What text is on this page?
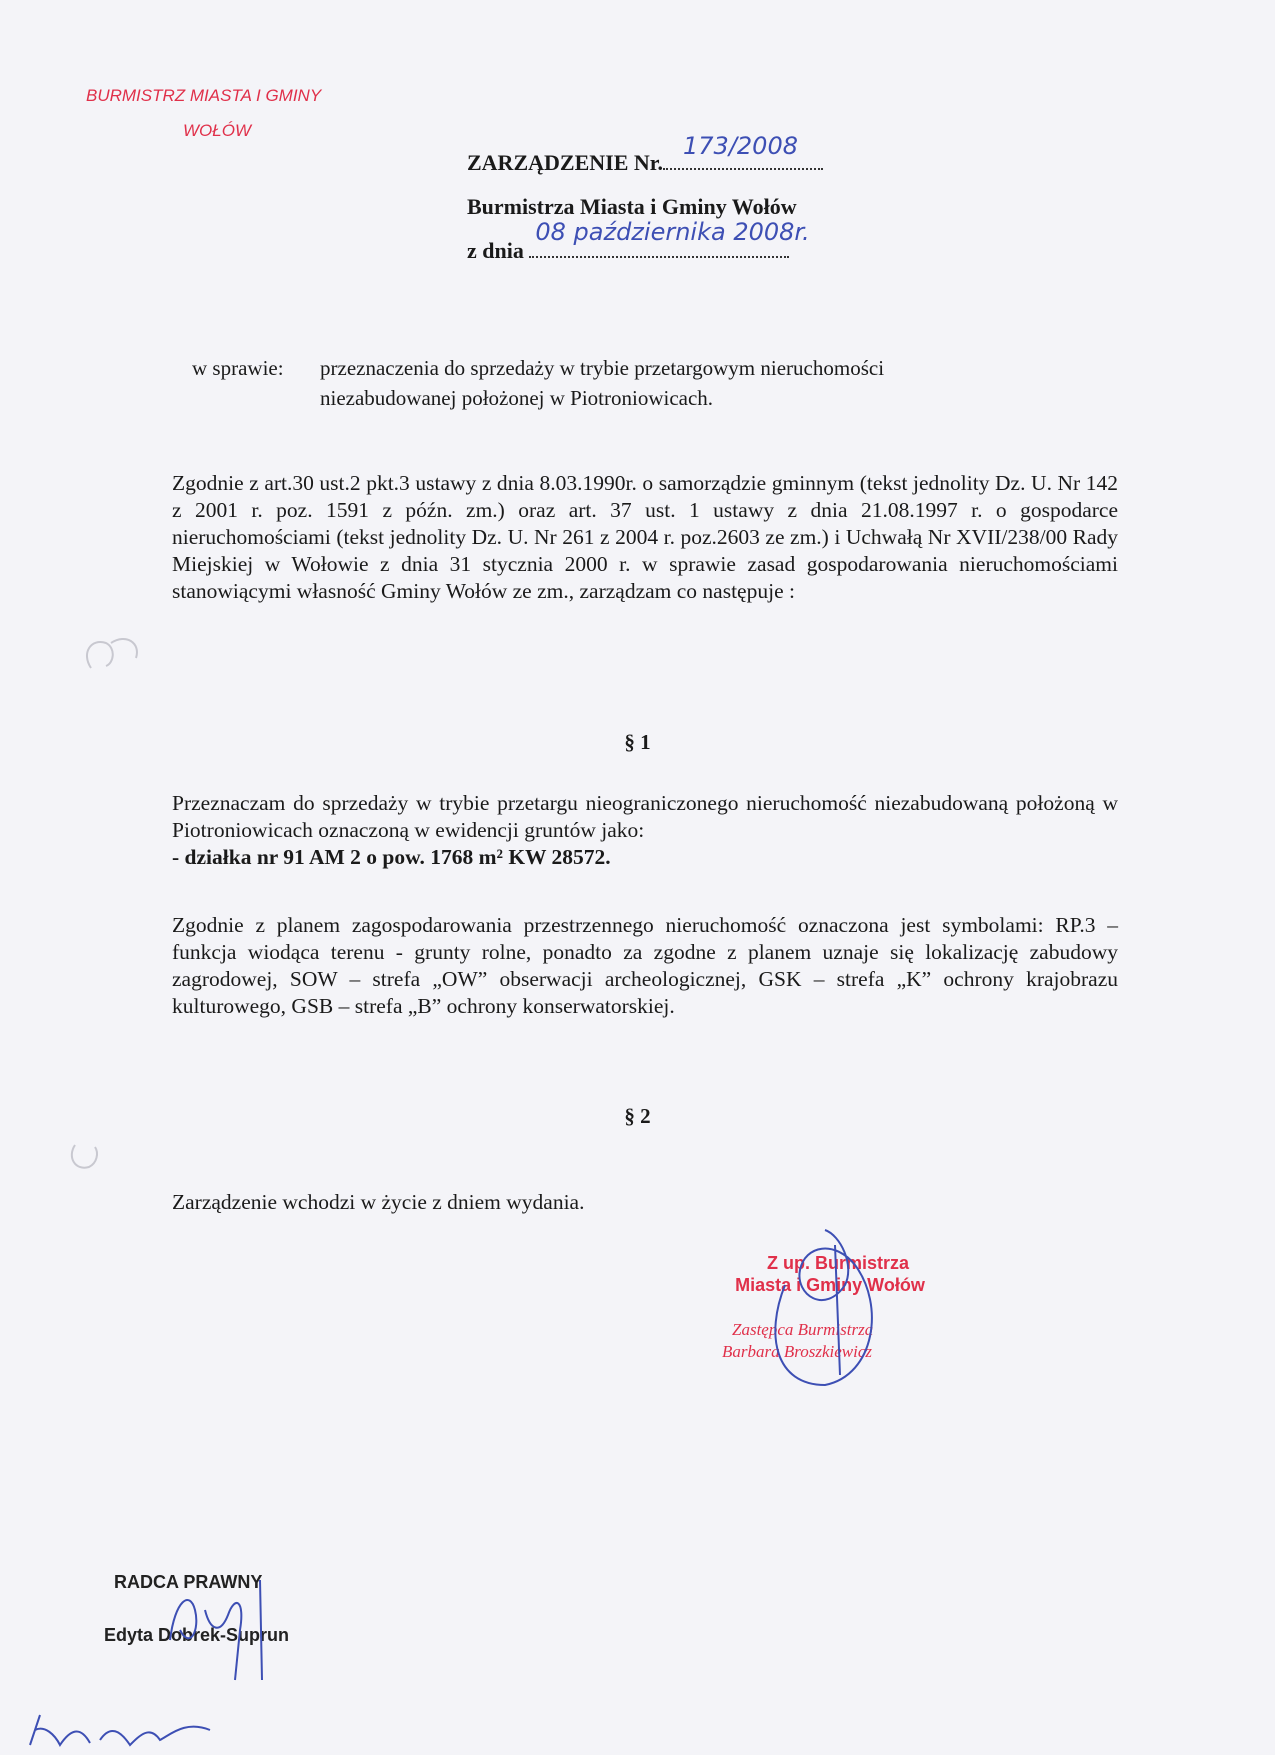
BURMISTRZ MIASTA I GMINY
WOŁÓW
ZARZĄDZENIE Nr.
173/2008
Burmistrza Miasta i Gminy Wołów
z dnia
08 października 2008r.
w sprawie: przeznaczenia do sprzedaży w trybie przetargowym nieruchomości
niezabudowanej położonej w Piotroniowicach.
Zgodnie z art.30 ust.2 pkt.3 ustawy z dnia 8.03.1990r. o samorządzie gminnym (tekst jednolity Dz. U. Nr 142 z 2001 r. poz. 1591 z późn. zm.) oraz art. 37 ust. 1 ustawy z dnia 21.08.1997 r. o gospodarce nieruchomościami (tekst jednolity Dz. U. Nr 261 z 2004 r. poz.2603 ze zm.) i Uchwałą Nr XVII/238/00 Rady Miejskiej w Wołowie z dnia 31 stycznia 2000 r. w sprawie zasad gospodarowania nieruchomościami stanowiącymi własność Gminy Wołów ze zm., zarządzam co następuje :
§ 1
Przeznaczam do sprzedaży w trybie przetargu nieograniczonego nieruchomość niezabudowaną położoną w Piotroniowicach oznaczoną w ewidencji gruntów jako:
- działka nr 91 AM 2 o pow. 1768 m² KW 28572.
Zgodnie z planem zagospodarowania przestrzennego nieruchomość oznaczona jest symbolami: RP.3 – funkcja wiodąca terenu - grunty rolne, ponadto za zgodne z planem uznaje się lokalizację zabudowy zagrodowej, SOW – strefa „OW” obserwacji archeologicznej, GSK – strefa „K” ochrony krajobrazu kulturowego, GSB – strefa „B” ochrony konserwatorskiej.
§ 2
Zarządzenie wchodzi w życie z dniem wydania.
Z up. Burmistrza
Miasta i Gminy Wołów
Zastępca Burmistrza
Barbara Broszkiewicz
RADCA PRAWNY
Edyta Dobrek-Suprun
